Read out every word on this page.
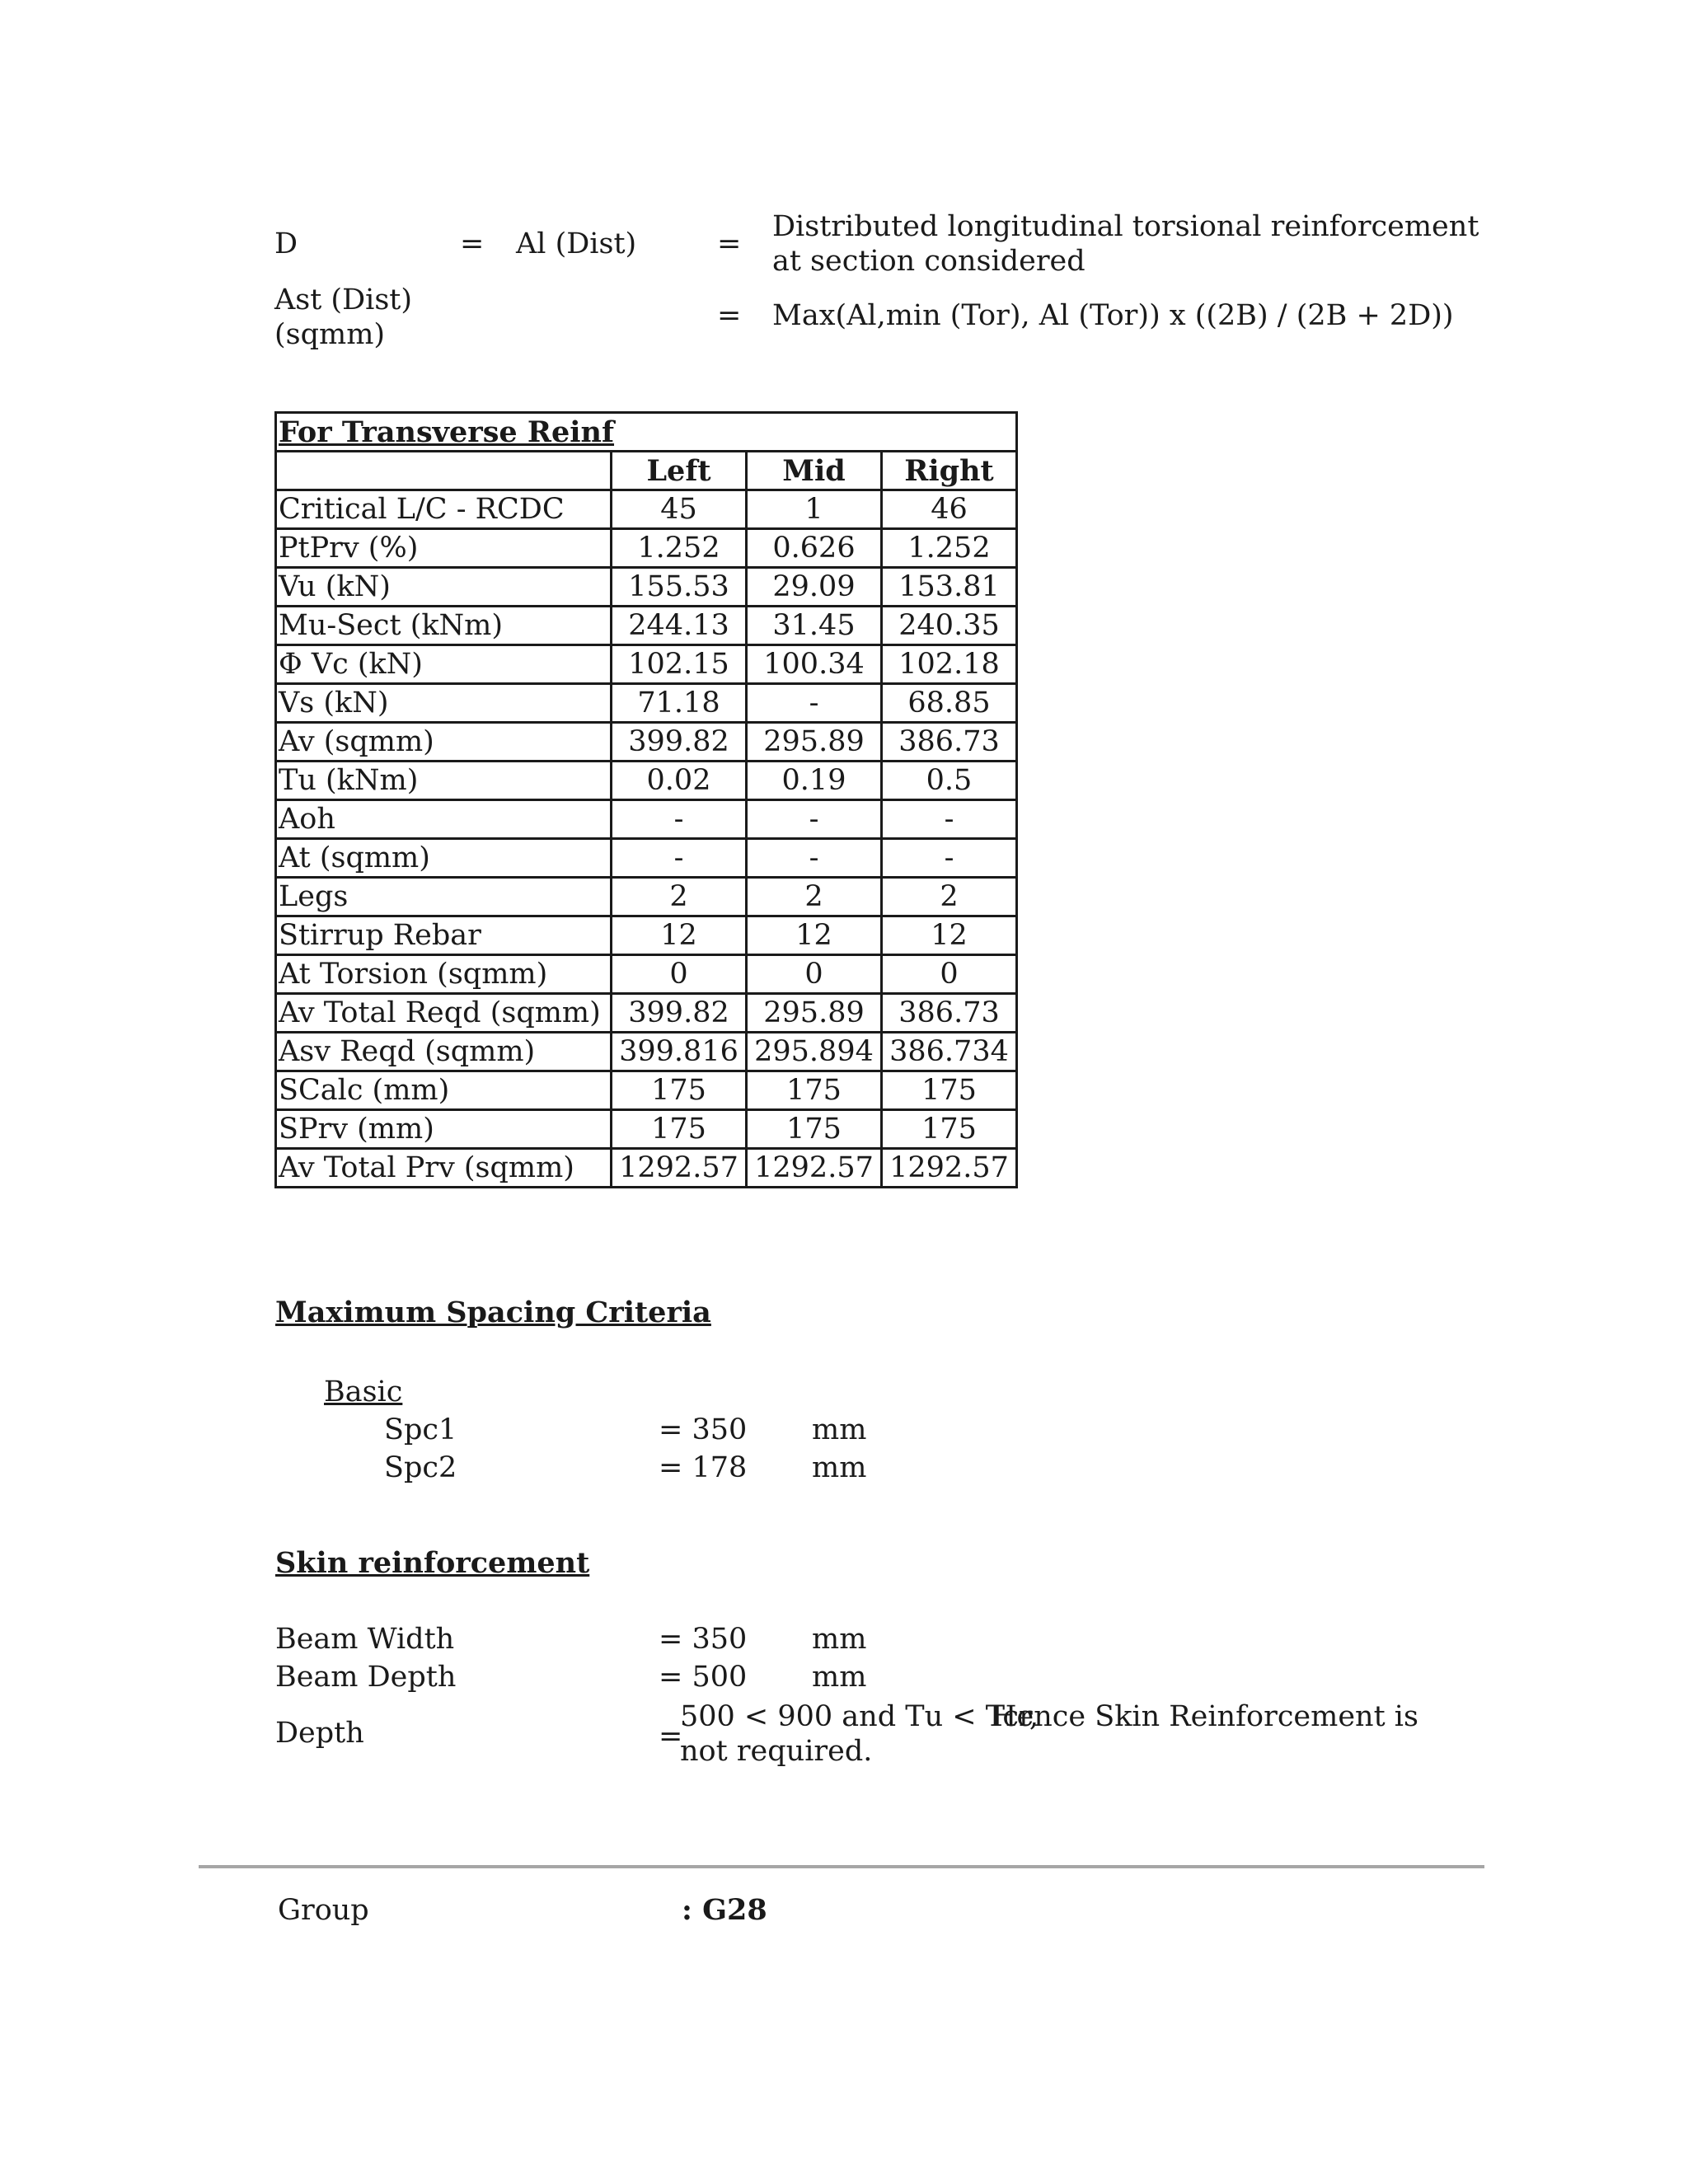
D	= Al (Dist)	=
Distributed longitudinal torsional reinforcement
at section considered
Ast (Dist)
(sqmm)
= Max(Al,min (Tor), Al (Tor)) x ((2B) / (2B + 2D))
For Transverse Reinf			
	Left	Mid	Right
Critical L/C - RCDC	45	1	46
PtPrv (%)	1.252	0.626	1.252
Vu (kN)	155.53	29.09	153.81
Mu-Sect (kNm)	244.13	31.45	240.35
Φ Vc (kN)	102.15	100.34	102.18
Vs (kN)	71.18	-	68.85
Av (sqmm)	399.82	295.89	386.73
Tu (kNm)	0.02	0.19	0.5
Aoh	-	-	-
At (sqmm)	-	-	-
Legs	2	2	2
Stirrup Rebar	12	12	12
At Torsion (sqmm)	0	0	0
Av Total Reqd (sqmm)	399.82	295.89	386.73
Asv Reqd (sqmm)	399.816	295.894	386.734
SCalc (mm)	175	175	175
SPrv (mm)	175	175	175
Av Total Prv (sqmm)	1292.57	1292.57	1292.57
Maximum Spacing Criteria
Basic
Spc1	= 350 mm
Spc2	= 178 mm
Skin reinforcement
Beam Width	= 350 mm
Beam Depth	= 500 mm
Depth	=
500 < 900 and Tu < Tcr,
Hence Skin Reinforcement is
not required.
Group	: G28
